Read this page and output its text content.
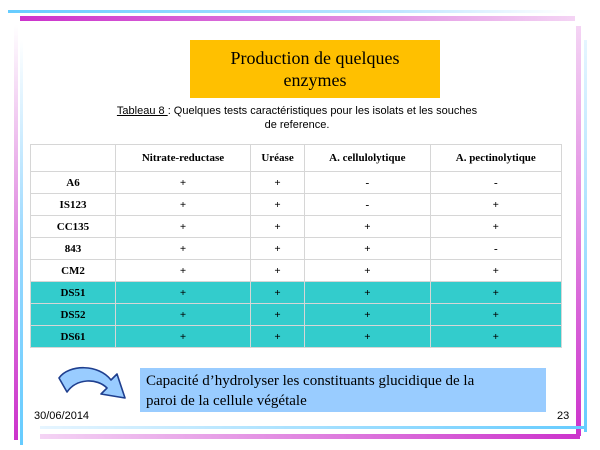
Production de quelques
enzymes
Tableau 8 : Quelques tests caractéristiques pour les isolats et les souches
de reference.
	Nitrate-reductase	Uréase	A. cellulolytique	A. pectinolytique
A6	+	+	-	-
IS123	+	+	-	+
CC135	+	+	+	+
843	+	+	+	-
CM2	+	+	+	+
DS51	+	+	+	+
DS52	+	+	+	+
DS61	+	+	+	+
Capacité d’hydrolyser les constituants glucidique de la
paroi de la cellule végétale
30/06/2014	23
